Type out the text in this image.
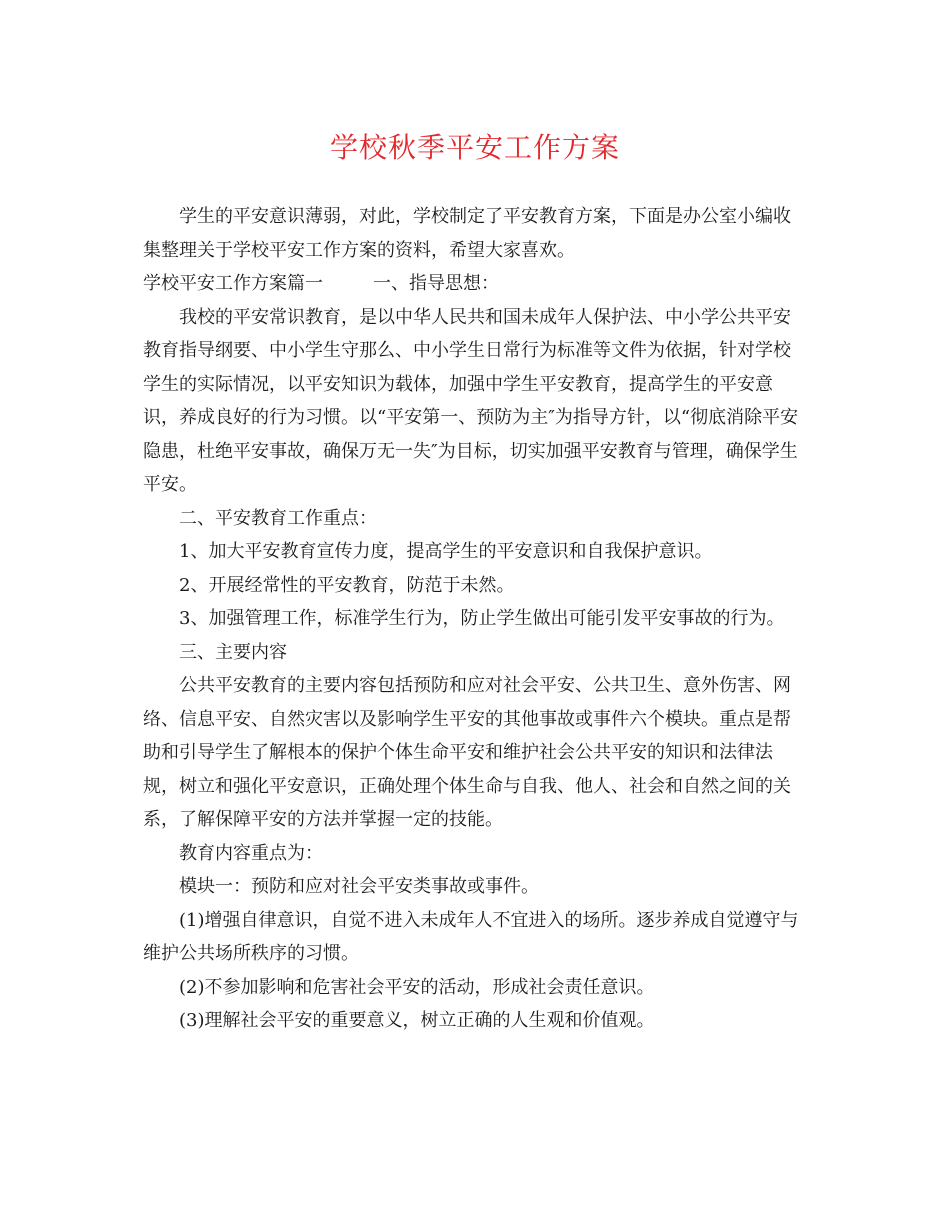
学校秋季平安工作方案

学生的平安意识薄弱，对此，学校制定了平安教育方案，下面是办公室小编收集整理关于学校平安工作方案的资料，希望大家喜欢。

学校平安工作方案篇一	一、指导思想：

我校的平安常识教育，是以中华人民共和国未成年人保护法、中小学公共平安教育指导纲要、中小学生守那么、中小学生日常行为标准等文件为依据，针对学校学生的实际情况，以平安知识为载体，加强中学生平安教育，提高学生的平安意识，养成良好的行为习惯。以“平安第一、预防为主″为指导方针，以“彻底消除平安隐患，杜绝平安事故，确保万无一失″为目标，切实加强平安教育与管理，确保学生平安。

二、平安教育工作重点：

1、加大平安教育宣传力度，提高学生的平安意识和自我保护意识。

2、开展经常性的平安教育，防范于未然。

3、加强管理工作，标准学生行为，防止学生做出可能引发平安事故的行为。

三、主要内容

公共平安教育的主要内容包括预防和应对社会平安、公共卫生、意外伤害、网络、信息平安、自然灾害以及影响学生平安的其他事故或事件六个模块。重点是帮助和引导学生了解根本的保护个体生命平安和维护社会公共平安的知识和法律法规，树立和强化平安意识，正确处理个体生命与自我、他人、社会和自然之间的关系，了解保障平安的方法并掌握一定的技能。

教育内容重点为：

模块一：预防和应对社会平安类事故或事件。

(1)增强自律意识，自觉不进入未成年人不宜进入的场所。逐步养成自觉遵守与维护公共场所秩序的习惯。

(2)不参加影响和危害社会平安的活动，形成社会责任意识。

(3)理解社会平安的重要意义，树立正确的人生观和价值观。
